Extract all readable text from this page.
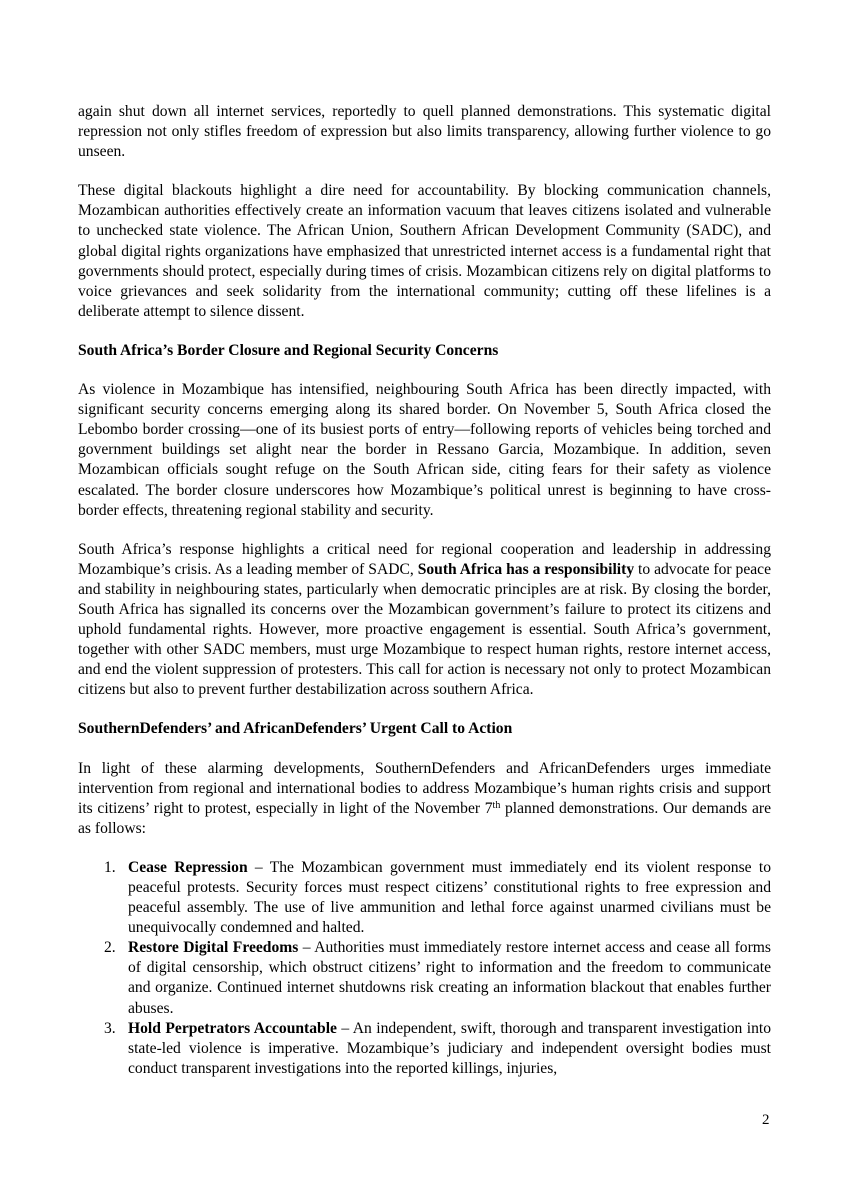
again shut down all internet services, reportedly to quell planned demonstrations. This systematic digital repression not only stifles freedom of expression but also limits transparency, allowing further violence to go unseen.

These digital blackouts highlight a dire need for accountability. By blocking communication channels, Mozambican authorities effectively create an information vacuum that leaves citizens isolated and vulnerable to unchecked state violence. The African Union, Southern African Development Community (SADC), and global digital rights organizations have emphasized that unrestricted internet access is a fundamental right that governments should protect, especially during times of crisis. Mozambican citizens rely on digital platforms to voice grievances and seek solidarity from the international community; cutting off these lifelines is a deliberate attempt to silence dissent.

South Africa’s Border Closure and Regional Security Concerns

As violence in Mozambique has intensified, neighbouring South Africa has been directly impacted, with significant security concerns emerging along its shared border. On November 5, South Africa closed the Lebombo border crossing—one of its busiest ports of entry—following reports of vehicles being torched and government buildings set alight near the border in Ressano Garcia, Mozambique. In addition, seven Mozambican officials sought refuge on the South African side, citing fears for their safety as violence escalated. The border closure underscores how Mozambique’s political unrest is beginning to have cross-border effects, threatening regional stability and security.

South Africa’s response highlights a critical need for regional cooperation and leadership in addressing Mozambique’s crisis. As a leading member of SADC, South Africa has a responsibility to advocate for peace and stability in neighbouring states, particularly when democratic principles are at risk. By closing the border, South Africa has signalled its concerns over the Mozambican government’s failure to protect its citizens and uphold fundamental rights. However, more proactive engagement is essential. South Africa’s government, together with other SADC members, must urge Mozambique to respect human rights, restore internet access, and end the violent suppression of protesters. This call for action is necessary not only to protect Mozambican citizens but also to prevent further destabilization across southern Africa.

SouthernDefenders’ and AfricanDefenders’ Urgent Call to Action

In light of these alarming developments, SouthernDefenders and AfricanDefenders urges immediate intervention from regional and international bodies to address Mozambique’s human rights crisis and support its citizens’ right to protest, especially in light of the November 7th planned demonstrations. Our demands are as follows:

1. Cease Repression – The Mozambican government must immediately end its violent response to peaceful protests. Security forces must respect citizens’ constitutional rights to free expression and peaceful assembly. The use of live ammunition and lethal force against unarmed civilians must be unequivocally condemned and halted.
2. Restore Digital Freedoms – Authorities must immediately restore internet access and cease all forms of digital censorship, which obstruct citizens’ right to information and the freedom to communicate and organize. Continued internet shutdowns risk creating an information blackout that enables further abuses.
3. Hold Perpetrators Accountable – An independent, swift, thorough and transparent investigation into state-led violence is imperative. Mozambique’s judiciary and independent oversight bodies must conduct transparent investigations into the reported killings, injuries,
2
